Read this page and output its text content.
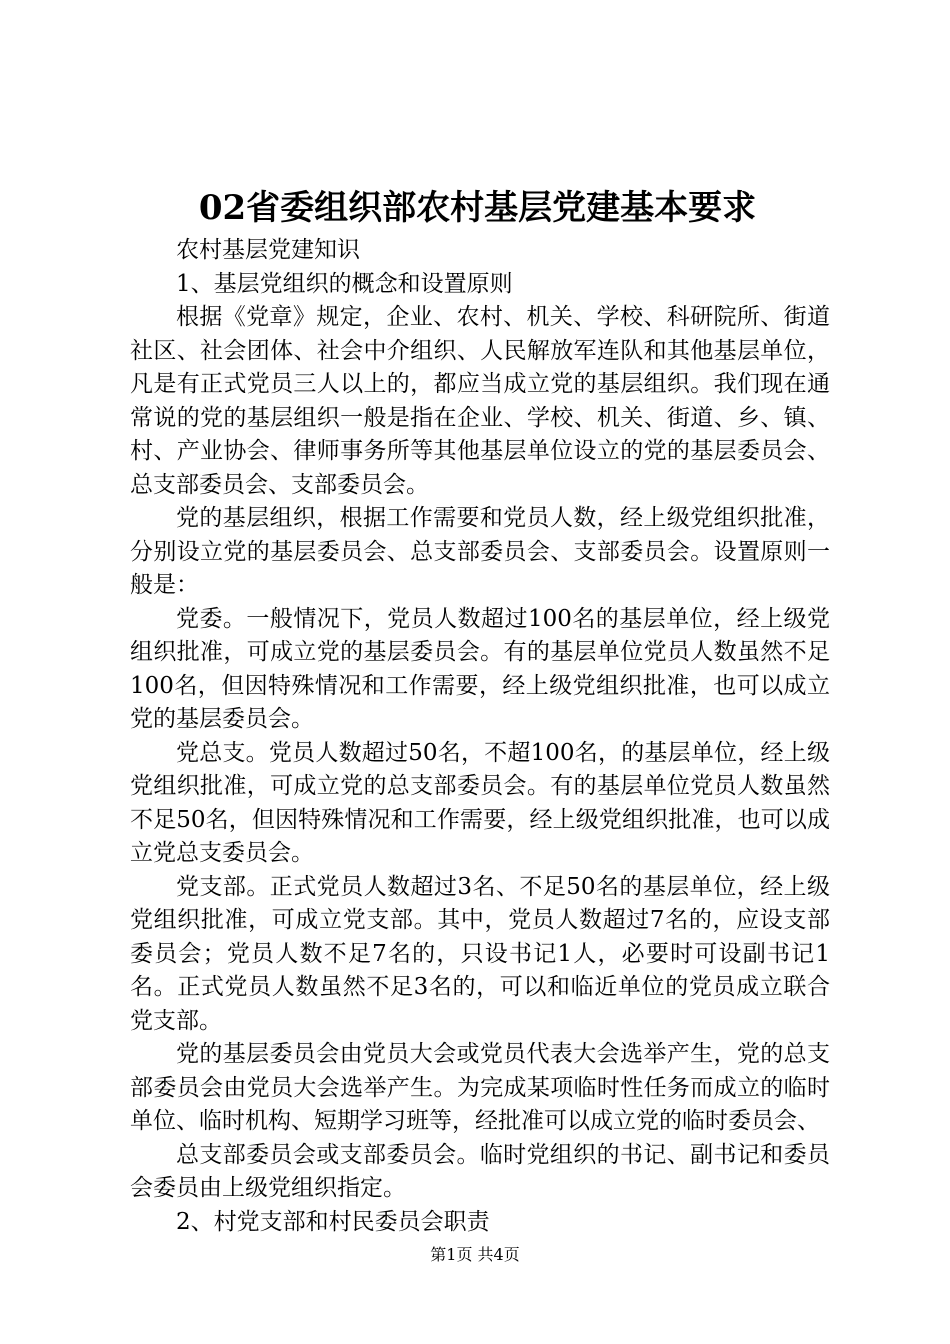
02省委组织部农村基层党建基本要求

农村基层党建知识

1、基层党组织的概念和设置原则

根据《党章》规定，企业、农村、机关、学校、科研院所、街道社区、社会团体、社会中介组织、人民解放军连队和其他基层单位，凡是有正式党员三人以上的，都应当成立党的基层组织。我们现在通常说的党的基层组织一般是指在企业、学校、机关、街道、乡、镇、村、产业协会、律师事务所等其他基层单位设立的党的基层委员会、总支部委员会、支部委员会。

党的基层组织，根据工作需要和党员人数，经上级党组织批准，分别设立党的基层委员会、总支部委员会、支部委员会。设置原则一般是：

党委。一般情况下，党员人数超过100名的基层单位，经上级党组织批准，可成立党的基层委员会。有的基层单位党员人数虽然不足100名，但因特殊情况和工作需要，经上级党组织批准，也可以成立党的基层委员会。

党总支。党员人数超过50名，不超100名，的基层单位，经上级党组织批准，可成立党的总支部委员会。有的基层单位党员人数虽然不足50名，但因特殊情况和工作需要，经上级党组织批准，也可以成立党总支委员会。

党支部。正式党员人数超过3名、不足50名的基层单位，经上级党组织批准，可成立党支部。其中，党员人数超过7名的，应设支部委员会；党员人数不足7名的，只设书记1人，必要时可设副书记1名。正式党员人数虽然不足3名的，可以和临近单位的党员成立联合党支部。

党的基层委员会由党员大会或党员代表大会选举产生，党的总支部委员会由党员大会选举产生。为完成某项临时性任务而成立的临时单位、临时机构、短期学习班等，经批准可以成立党的临时委员会、

总支部委员会或支部委员会。临时党组织的书记、副书记和委员会委员由上级党组织指定。

2、村党支部和村民委员会职责

第1页 共4页
